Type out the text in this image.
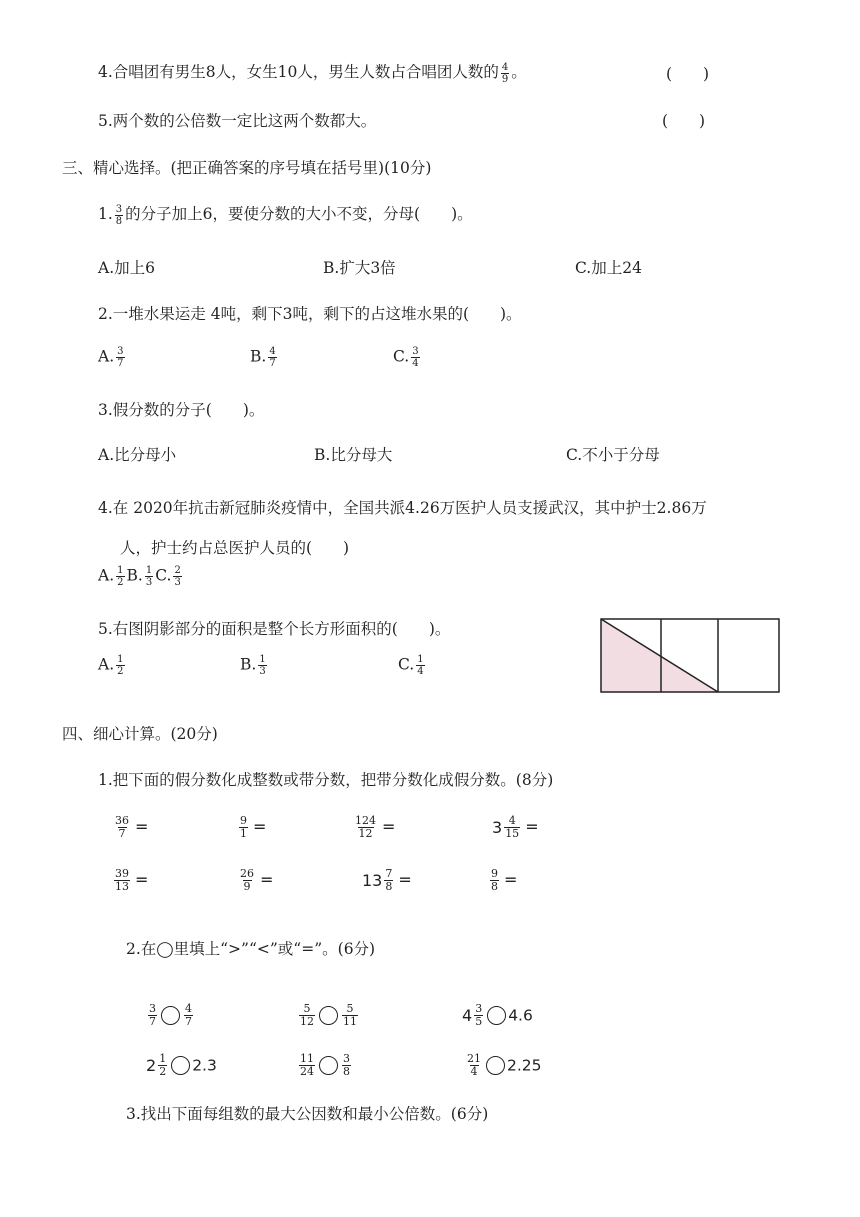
4.合唱团有男生8人，女生10人，男生人数占合唱团人数的 $\frac{4}{9}$ 。	(　　)
5.两个数的公倍数一定比这两个数都大。	(　　)
三、精心选择。(把正确答案的序号填在括号里)(10分)
1. $\frac{3}{8}$ 的分子加上6，要使分数的大小不变，分母(　　)。
A.加上6	B.扩大3倍	C.加上24
2.一堆水果运走 4吨，剩下3吨，剩下的占这堆水果的(　　)。
A. $\frac{3}{7}$	B. $\frac{4}{7}$	C. $\frac{3}{4}$
3.假分数的分子(　　)。
A.比分母小	B.比分母大	C.不小于分母
4.在 2020年抗击新冠肺炎疫情中，全国共派4.26万医护人员支援武汉，其中护士2.86万
人，护士约占总医护人员的(　　)
A. $\frac{1}{2} B$. $\frac{1}{3} C$. $\frac{2}{3}$
5.右图阴影部分的面积是整个长方形面积的(　　)。
A. $\frac{1}{2}$	B. $\frac{1}{3}$	C. $\frac{1}{4}$
四、细心计算。(20分)
1.把下面的假分数化成整数或带分数，把带分数化成假分数。(8分)
$\frac{36}{7}$ =	$\frac{9}{1}$ =	$\frac{124}{12}$ =	$3 \frac{4}{15}$ =
$\frac{39}{13}$ =	$\frac{26}{9}$ =	$13 \frac{7}{8}$ =	$\frac{9}{8}$ =
2.在◯里填上“>”“<”或“=”。(6分)
$\frac{3}{7} \frac{4}{7}$	$\frac{5}{12} \frac{5}{11}$	$4 \frac{3}{5} 4.6$
$2 \frac{1}{2} 2.3$	$\frac{11}{24} \frac{3}{8}$	$\frac{21}{4} 2.25$
3.找出下面每组数的最大公因数和最小公倍数。(6分)
